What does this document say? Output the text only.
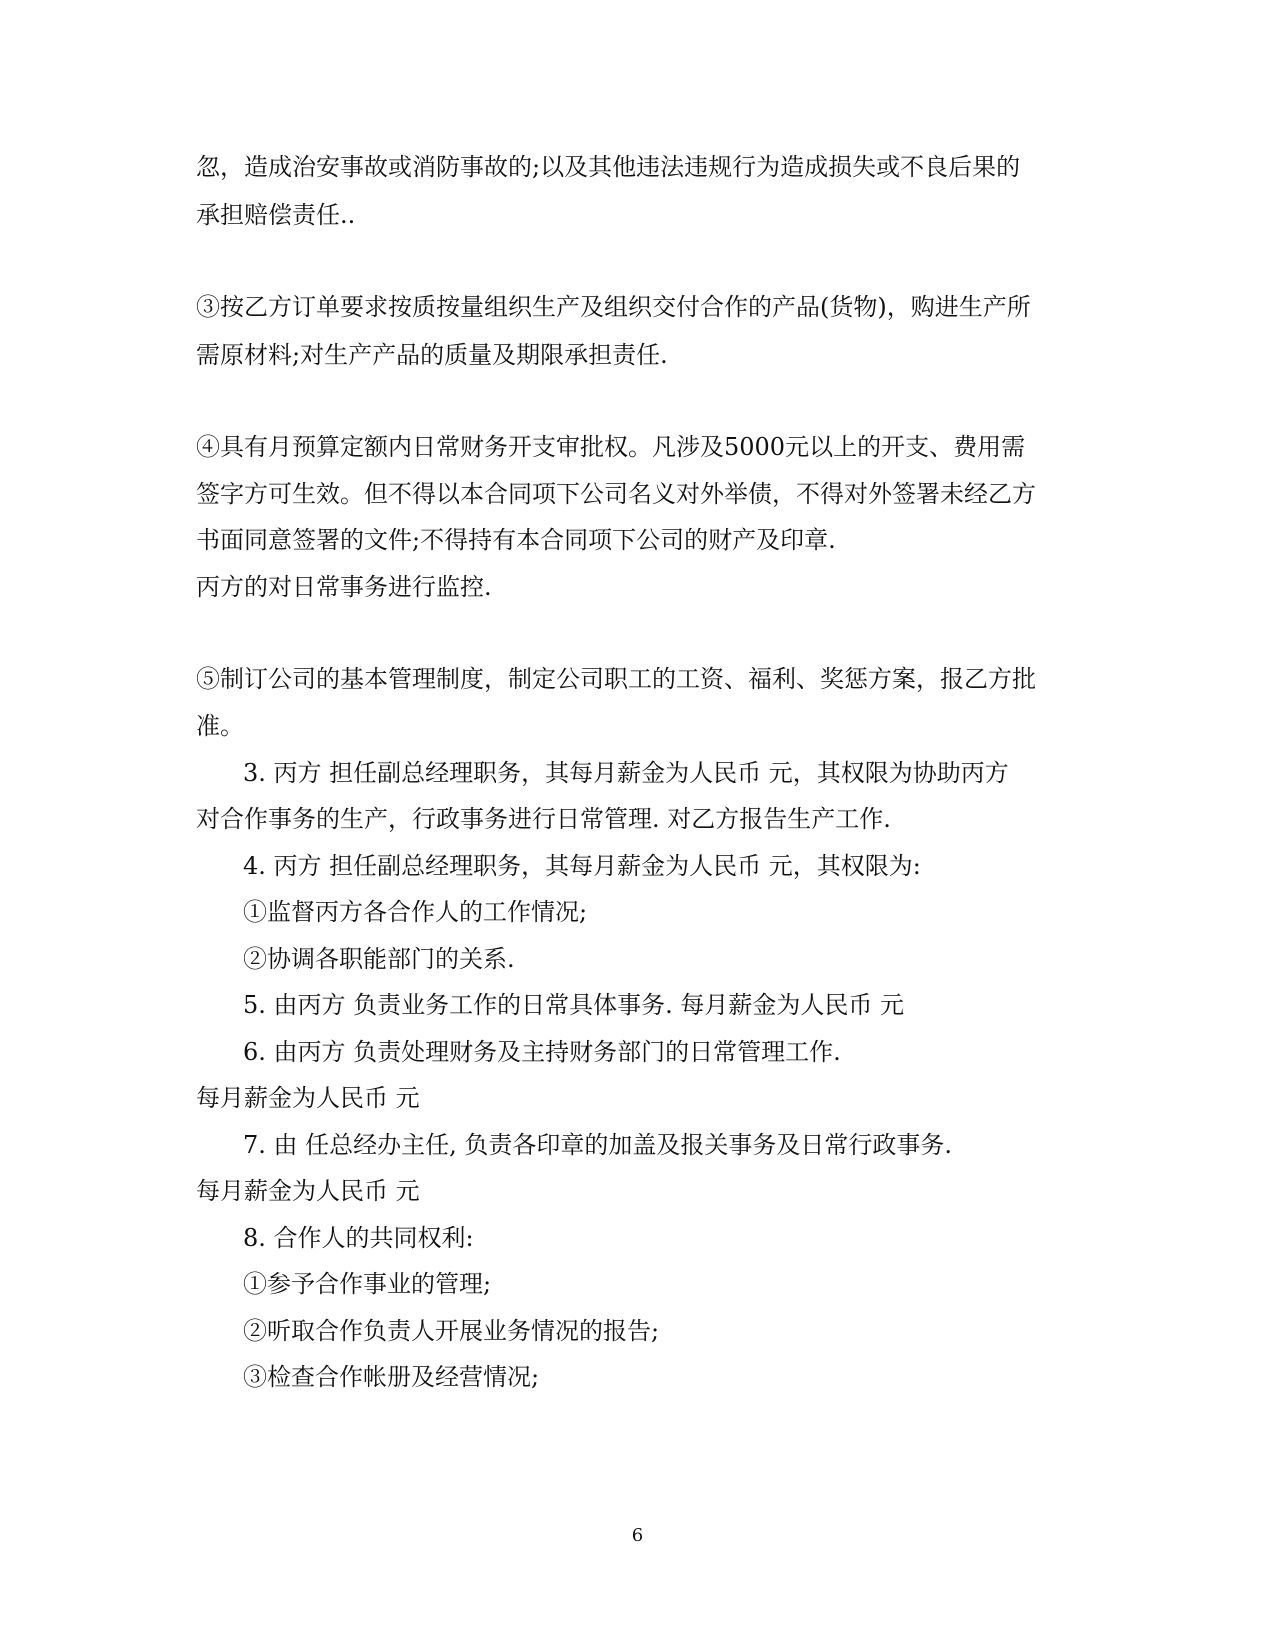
忽，造成治安事故或消防事故的;以及其他违法违规行为造成损失或不良后果的
承担赔偿责任..
③按乙方订单要求按质按量组织生产及组织交付合作的产品(货物)，购进生产所
需原材料;对生产产品的质量及期限承担责任.
④具有月预算定额内日常财务开支审批权。凡涉及5000元以上的开支、费用需
签字方可生效。但不得以本合同项下公司名义对外举债，不得对外签署未经乙方
书面同意签署的文件;不得持有本合同项下公司的财产及印章.
丙方的对日常事务进行监控.
⑤制订公司的基本管理制度，制定公司职工的工资、福利、奖惩方案，报乙方批
准。
3. 丙方 担任副总经理职务，其每月薪金为人民币 元，其权限为协助丙方
对合作事务的生产，行政事务进行日常管理. 对乙方报告生产工作.
4. 丙方 担任副总经理职务，其每月薪金为人民币 元，其权限为:
①监督丙方各合作人的工作情况;
②协调各职能部门的关系.
5. 由丙方 负责业务工作的日常具体事务. 每月薪金为人民币 元
6. 由丙方 负责处理财务及主持财务部门的日常管理工作.
每月薪金为人民币 元
7. 由 任总经办主任, 负责各印章的加盖及报关事务及日常行政事务.
每月薪金为人民币 元
8. 合作人的共同权利:
①参予合作事业的管理;
②听取合作负责人开展业务情况的报告;
③检查合作帐册及经营情况;
6
